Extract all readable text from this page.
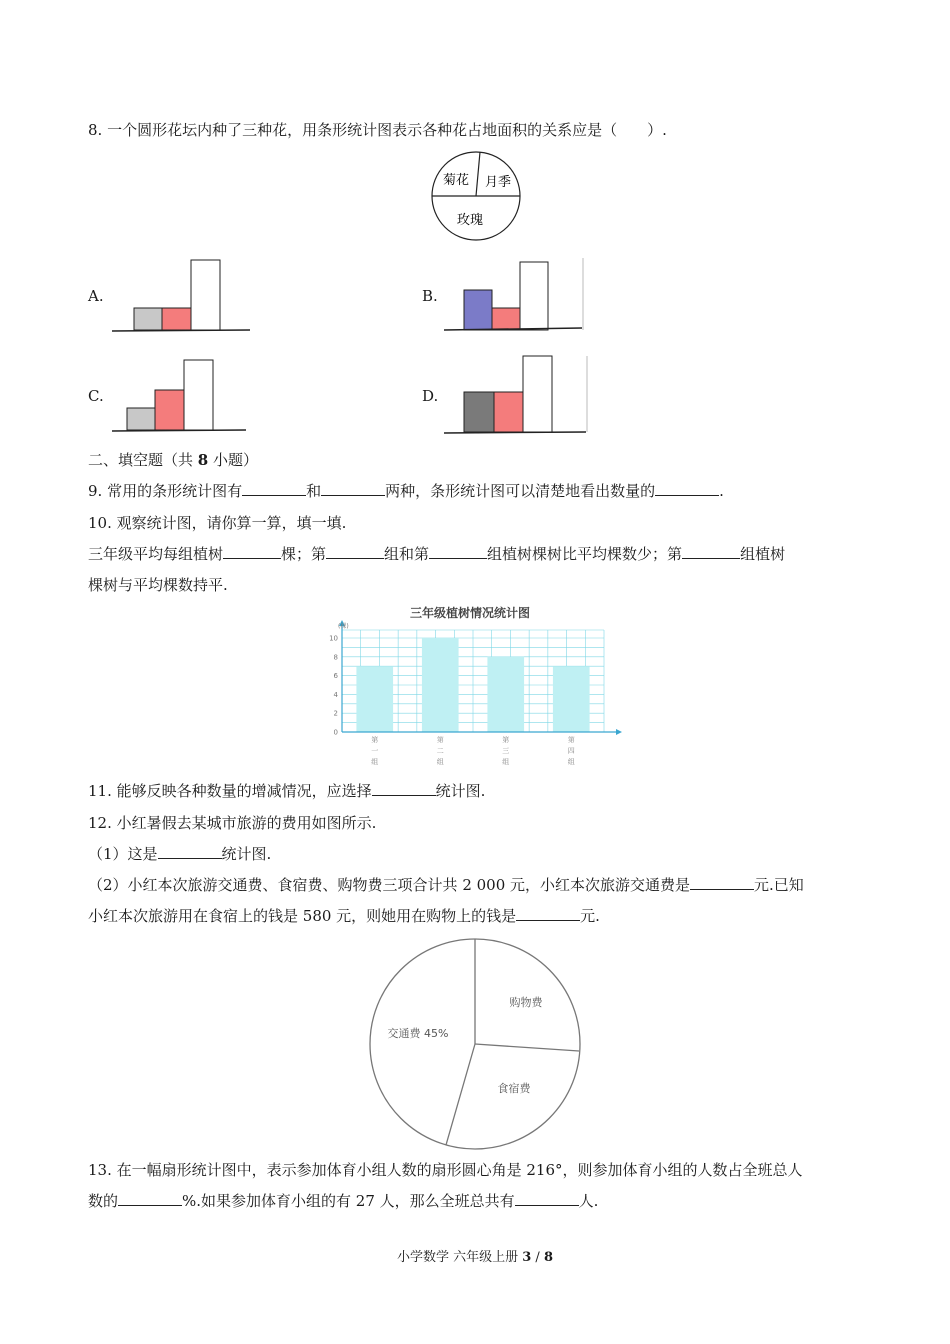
8. 一个圆形花坛内种了三种花，用条形统计图表示各种花占地面积的关系应是（　　）.
菊花 月季
玫瑰
A.	B.
C.	D.
二、填空题（共 8 小题）
9. 常用的条形统计图有	和	两种，条形统计图可以清楚地看出数量的	.
10. 观察统计图，请你算一算，填一填.
三年级平均每组植树	棵；第	组和第	组植树棵树比平均棵数少；第	组植树
棵树与平均棵数持平.
三年级植树情况统计图
(棵)
0
2
4
6
8
10
第一组
第二组
第三组
第四组
11. 能够反映各种数量的增减情况，应选择	统计图.
12. 小红暑假去某城市旅游的费用如图所示.
（1）这是	统计图.
（2）小红本次旅游交通费、食宿费、购物费三项合计共 2 000 元，小红本次旅游交通费是	元.已知
小红本次旅游用在食宿上的钱是 580 元，则她用在购物上的钱是	元.
购物费
交通费 45%
食宿费
13. 在一幅扇形统计图中，表示参加体育小组人数的扇形圆心角是 216°，则参加体育小组的人数占全班总人
数的	%.如果参加体育小组的有 27 人，那么全班总共有	人.
小学数学 六年级上册 3 / 8
